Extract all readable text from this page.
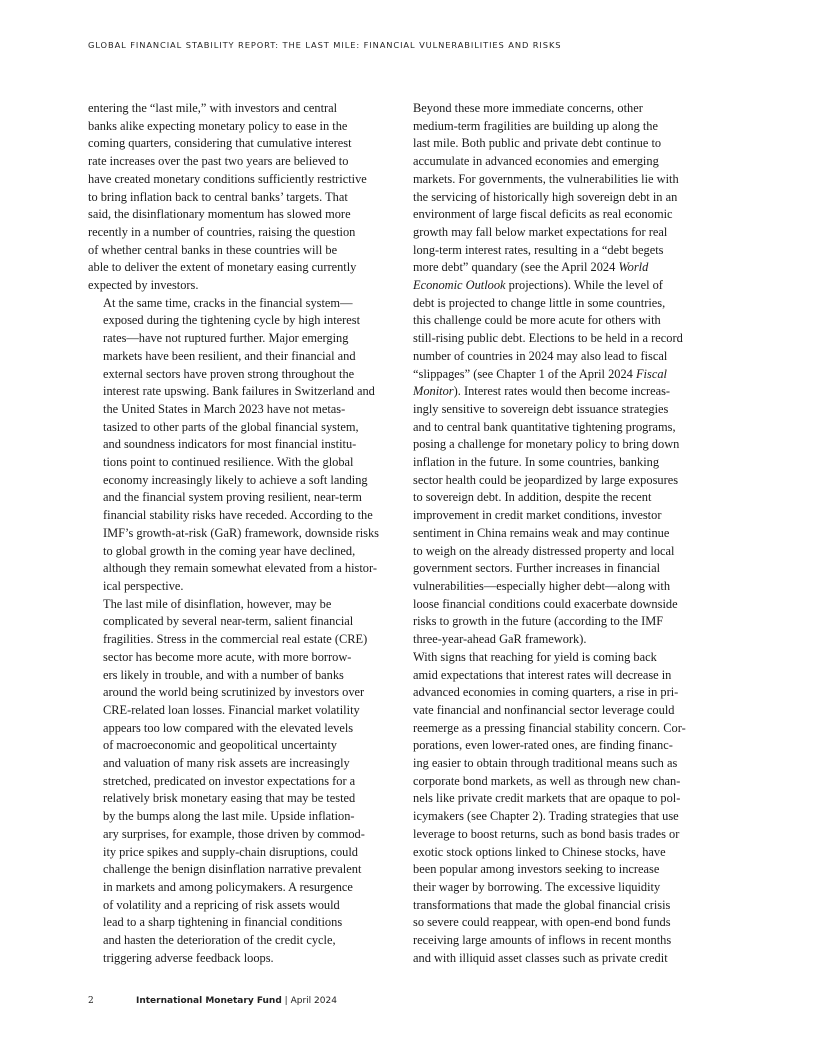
GLOBAL FINANCIAL STABILITY REPORT: THE LAST MILE: FINANCIAL VULNERABILITIES AND RISKS

entering the “last mile,” with investors and central
banks alike expecting monetary policy to ease in the
coming quarters, considering that cumulative interest
rate increases over the past two years are believed to
have created monetary conditions sufficiently restrictive
to bring inflation back to central banks’ targets. That
said, the disinflationary momentum has slowed more
recently in a number of countries, raising the question
of whether central banks in these countries will be
able to deliver the extent of monetary easing currently
expected by investors.

At the same time, cracks in the financial system—
exposed during the tightening cycle by high interest
rates—have not ruptured further. Major emerging
markets have been resilient, and their financial and
external sectors have proven strong throughout the
interest rate upswing. Bank failures in Switzerland and
the United States in March 2023 have not metas-
tasized to other parts of the global financial system,
and soundness indicators for most financial institu-
tions point to continued resilience. With the global
economy increasingly likely to achieve a soft landing
and the financial system proving resilient, near-term
financial stability risks have receded. According to the
IMF’s growth-at-risk (GaR) framework, downside risks
to global growth in the coming year have declined,
although they remain somewhat elevated from a histor-
ical perspective.

The last mile of disinflation, however, may be
complicated by several near-term, salient financial
fragilities. Stress in the commercial real estate (CRE)
sector has become more acute, with more borrow-
ers likely in trouble, and with a number of banks
around the world being scrutinized by investors over
CRE-related loan losses. Financial market volatility
appears too low compared with the elevated levels
of macroeconomic and geopolitical uncertainty
and valuation of many risk assets are increasingly
stretched, predicated on investor expectations for a
relatively brisk monetary easing that may be tested
by the bumps along the last mile. Upside inflation-
ary surprises, for example, those driven by commod-
ity price spikes and supply-chain disruptions, could
challenge the benign disinflation narrative prevalent
in markets and among policymakers. A resurgence
of volatility and a repricing of risk assets would
lead to a sharp tightening in financial conditions
and hasten the deterioration of the credit cycle,
triggering adverse feedback loops.

Beyond these more immediate concerns, other
medium-term fragilities are building up along the
last mile. Both public and private debt continue to
accumulate in advanced economies and emerging
markets. For governments, the vulnerabilities lie with
the servicing of historically high sovereign debt in an
environment of large fiscal deficits as real economic
growth may fall below market expectations for real
long-term interest rates, resulting in a “debt begets
more debt” quandary (see the April 2024 World
Economic Outlook projections). While the level of
debt is projected to change little in some countries,
this challenge could be more acute for others with
still-rising public debt. Elections to be held in a record
number of countries in 2024 may also lead to fiscal
“slippages” (see Chapter 1 of the April 2024 Fiscal
Monitor). Interest rates would then become increas-
ingly sensitive to sovereign debt issuance strategies
and to central bank quantitative tightening programs,
posing a challenge for monetary policy to bring down
inflation in the future. In some countries, banking
sector health could be jeopardized by large exposures
to sovereign debt. In addition, despite the recent
improvement in credit market conditions, investor
sentiment in China remains weak and may continue
to weigh on the already distressed property and local
government sectors. Further increases in financial
vulnerabilities—especially higher debt—along with
loose financial conditions could exacerbate downside
risks to growth in the future (according to the IMF
three-year-ahead GaR framework).

With signs that reaching for yield is coming back
amid expectations that interest rates will decrease in
advanced economies in coming quarters, a rise in pri-
vate financial and nonfinancial sector leverage could
reemerge as a pressing financial stability concern. Cor-
porations, even lower-rated ones, are finding financ-
ing easier to obtain through traditional means such as
corporate bond markets, as well as through new chan-
nels like private credit markets that are opaque to pol-
icymakers (see Chapter 2). Trading strategies that use
leverage to boost returns, such as bond basis trades or
exotic stock options linked to Chinese stocks, have
been popular among investors seeking to increase
their wager by borrowing. The excessive liquidity
transformations that made the global financial crisis
so severe could reappear, with open-end bond funds
receiving large amounts of inflows in recent months
and with illiquid asset classes such as private credit

2	International Monetary Fund | April 2024
